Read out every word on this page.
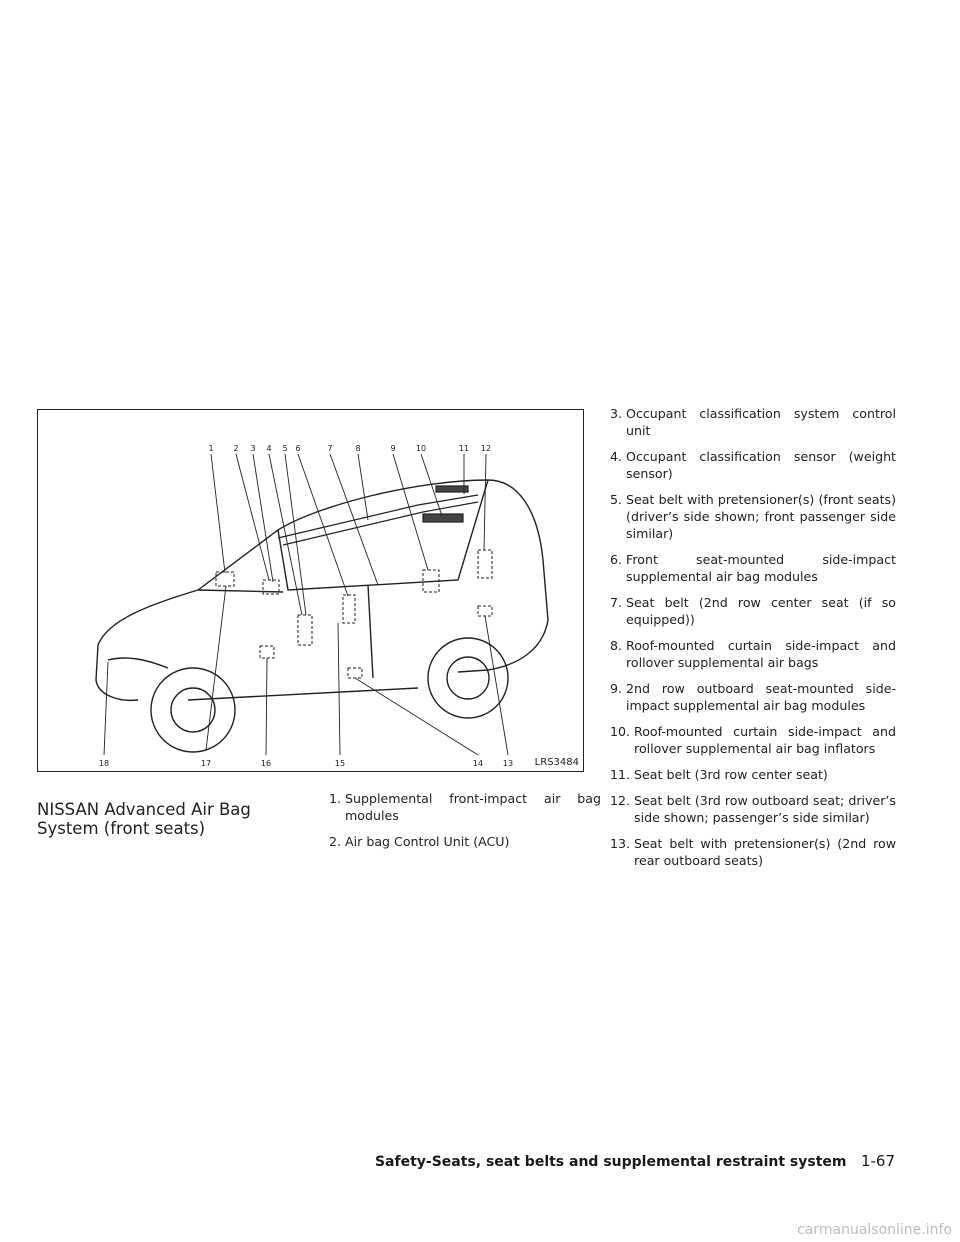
1 2 3 4 5 6	7	8	9	10	11 12
13
14
15
16
17
18	LRS3484
NISSAN Advanced Air Bag System (front seats)
1. Supplemental front-impact air bag modules
2. Air bag Control Unit (ACU)
3. Occupant classification system control unit
4. Occupant classification sensor (weight sensor)
5. Seat belt with pretensioner(s) (front seats) (driver’s side shown; front passenger side similar)
6. Front seat-mounted side-impact supplemental air bag modules
7. Seat belt (2nd row center seat (if so equipped))
8. Roof-mounted curtain side-impact and rollover supplemental air bags
9. 2nd row outboard seat-mounted side-impact supplemental air bag modules
10. Roof-mounted curtain side-impact and rollover supplemental air bag inflators
11. Seat belt (3rd row center seat)
12. Seat belt (3rd row outboard seat; driver’s side shown; passenger’s side similar)
13. Seat belt with pretensioner(s) (2nd row rear outboard seats)
Safety-Seats, seat belts and supplemental restraint system 1-67
carmanualsonline.info
